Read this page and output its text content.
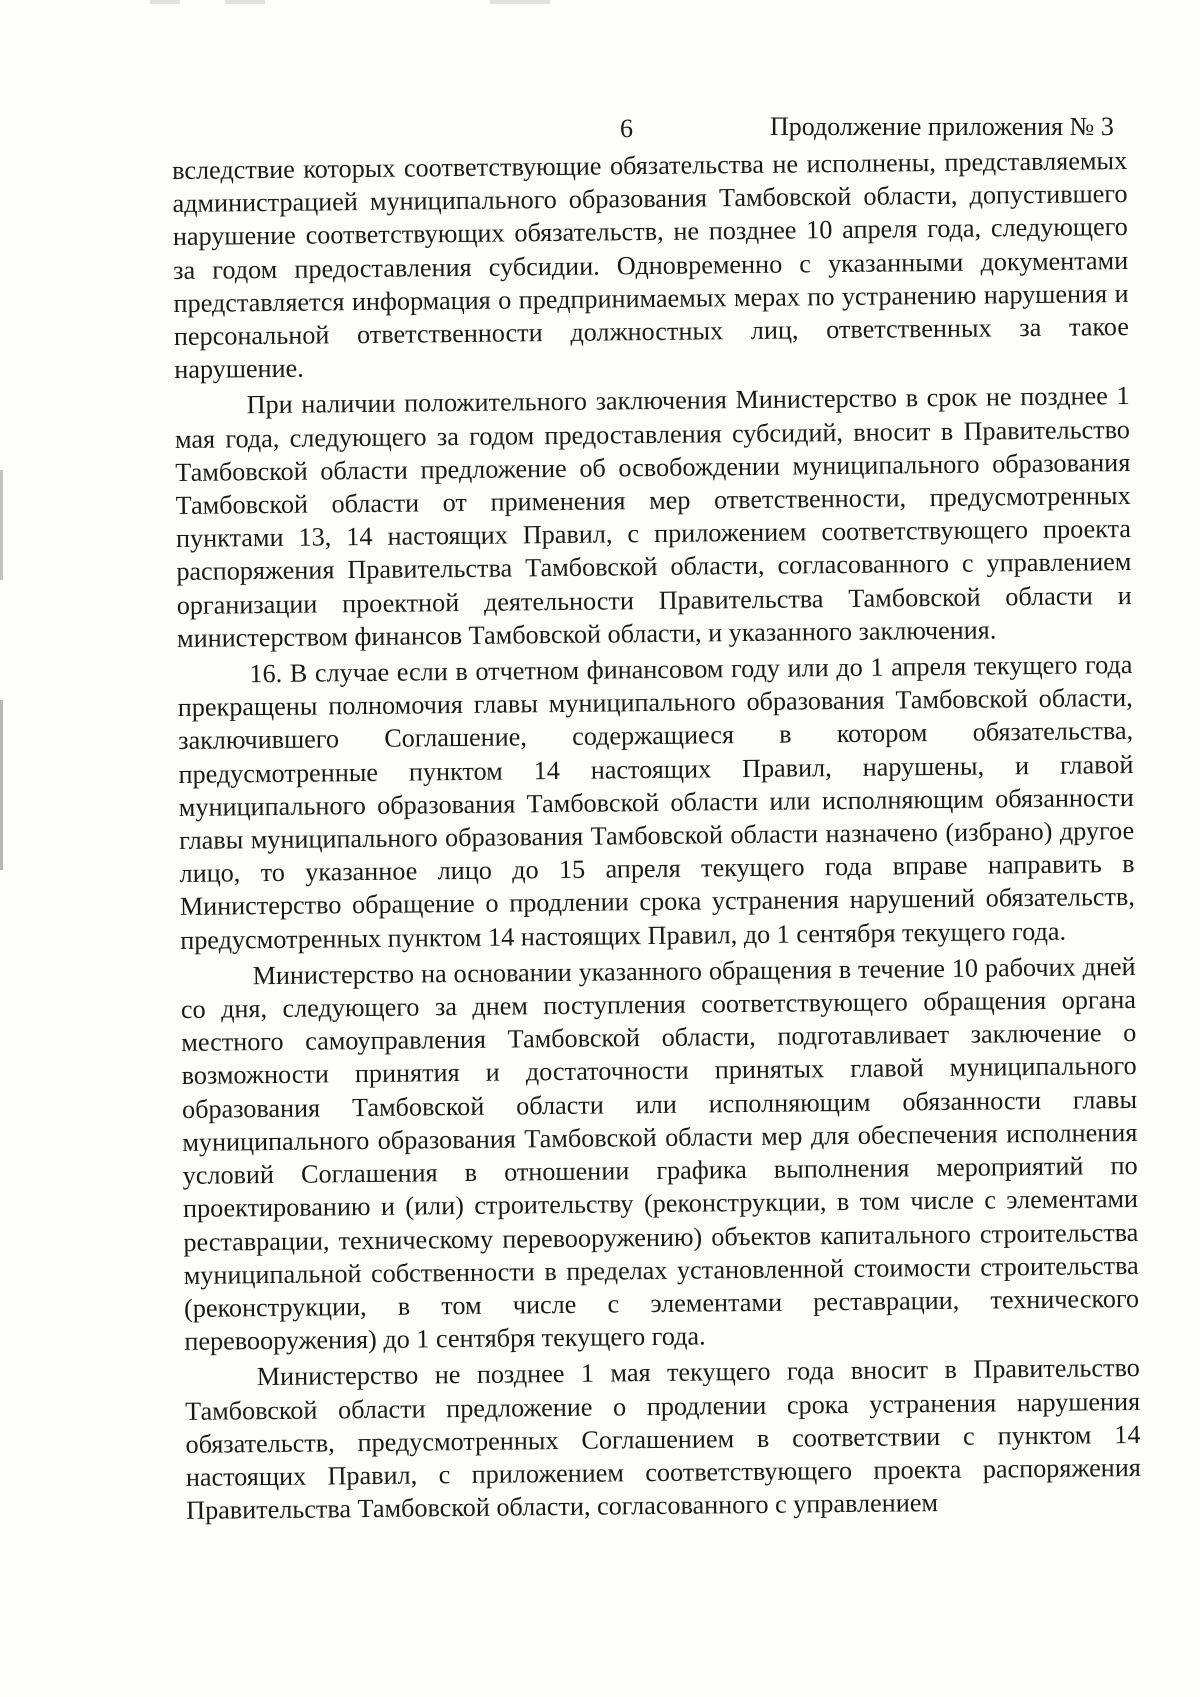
6	Продолжение приложения № 3

вследствие которых соответствующие обязательства не исполнены, представляемых администрацией муниципального образования Тамбовской области, допустившего нарушение соответствующих обязательств, не позднее 10 апреля года, следующего за годом предоставления субсидии. Одновременно с указанными документами представляется информация о предпринимаемых мерах по устранению нарушения и персональной ответственности должностных лиц, ответственных за такое нарушение.

При наличии положительного заключения Министерство в срок не позднее 1 мая года, следующего за годом предоставления субсидий, вносит в Правительство Тамбовской области предложение об освобождении муниципального образования Тамбовской области от применения мер ответственности, предусмотренных пунктами 13, 14 настоящих Правил, с приложением соответствующего проекта распоряжения Правительства Тамбовской области, согласованного с управлением организации проектной деятельности Правительства Тамбовской области и министерством финансов Тамбовской области, и указанного заключения.

16. В случае если в отчетном финансовом году или до 1 апреля текущего года прекращены полномочия главы муниципального образования Тамбовской области, заключившего Соглашение, содержащиеся в котором обязательства, предусмотренные пунктом 14 настоящих Правил, нарушены, и главой муниципального образования Тамбовской области или исполняющим обязанности главы муниципального образования Тамбовской области назначено (избрано) другое лицо, то указанное лицо до 15 апреля текущего года вправе направить в Министерство обращение о продлении срока устранения нарушений обязательств, предусмотренных пунктом 14 настоящих Правил, до 1 сентября текущего года.

Министерство на основании указанного обращения в течение 10 рабочих дней со дня, следующего за днем поступления соответствующего обращения органа местного самоуправления Тамбовской области, подготавливает заключение о возможности принятия и достаточности принятых главой муниципального образования Тамбовской области или исполняющим обязанности главы муниципального образования Тамбовской области мер для обеспечения исполнения условий Соглашения в отношении графика выполнения мероприятий по проектированию и (или) строительству (реконструкции, в том числе с элементами реставрации, техническому перевооружению) объектов капитального строительства муниципальной собственности в пределах установленной стоимости строительства (реконструкции, в том числе с элементами реставрации, технического перевооружения) до 1 сентября текущего года.

Министерство не позднее 1 мая текущего года вносит в Правительство Тамбовской области предложение о продлении срока устранения нарушения обязательств, предусмотренных Соглашением в соответствии с пунктом 14 настоящих Правил, с приложением соответствующего проекта распоряжения Правительства Тамбовской области, согласованного с управлением
